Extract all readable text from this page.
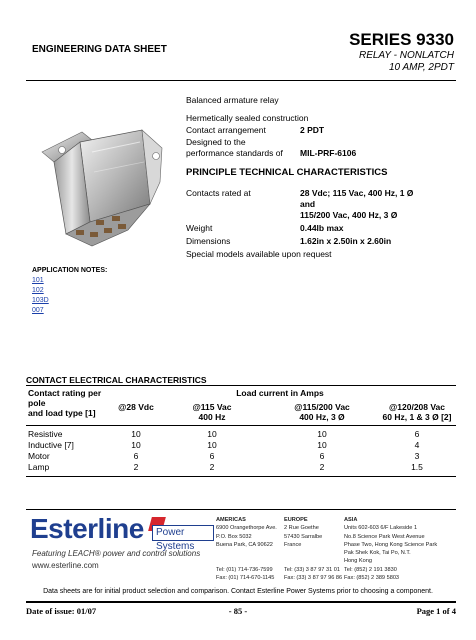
ENGINEERING DATA SHEET
SERIES 9330
RELAY - NONLATCH
10 AMP, 2PDT
Balanced armature relay
Hermetically sealed construction
Contact arrangement	2 PDT
Designed to the
performance standards of MIL-PRF-6106
PRINCIPLE TECHNICAL CHARACTERISTICS
Contacts rated at	28 Vdc; 115 Vac, 400 Hz, 1 Ø
and
115/200 Vac, 400 Hz, 3 Ø
Weight	0.44lb max
Dimensions	1.62in x 2.50in x 2.60in
Special models available upon request
APPLICATION NOTES:
101
102
103D
007
CONTACT ELECTRICAL CHARACTERISTICS
Contact rating per
pole
and load type [1]
Load current in Amps
@28 Vdc	@115 Vac
400 Hz
@115/200 Vac
400 Hz, 3 Ø
@120/208 Vac
60 Hz, 1 & 3 Ø [2]
Resistive	10	10	10	6
Inductive [7]	10	10	10	4
Motor	6	6	6	3
Lamp	2	2	2	1.5
Esterline	Power Systems
Featuring LEACH® power and control solutions
www.esterline.com
AMERICAS
6900 Orangethorpe Ave.
P.O. Box 5032
Buena Park, CA 90622
EUROPE
2 Rue Goethe
57430 Sarralbe
France
ASIA
Units 602-603 6/F Lakeside 1
No.8 Science Park West Avenue
Phase Two, Hong Kong Science Park
Pak Shek Kok, Tai Po, N.T.
Hong Kong
Tel: (01) 714-736-7599
Fax: (01) 714-670-1145
Tel: (33) 3 87 97 31 01
Fax: (33) 3 87 97 96 86
Tel: (852) 2 191 3830
Fax: (852) 2 389 5803
Data sheets are for initial product selection and comparison. Contact Esterline Power Systems prior to choosing a component.
Date of issue: 01/07	- 85 -	Page 1 of 4
